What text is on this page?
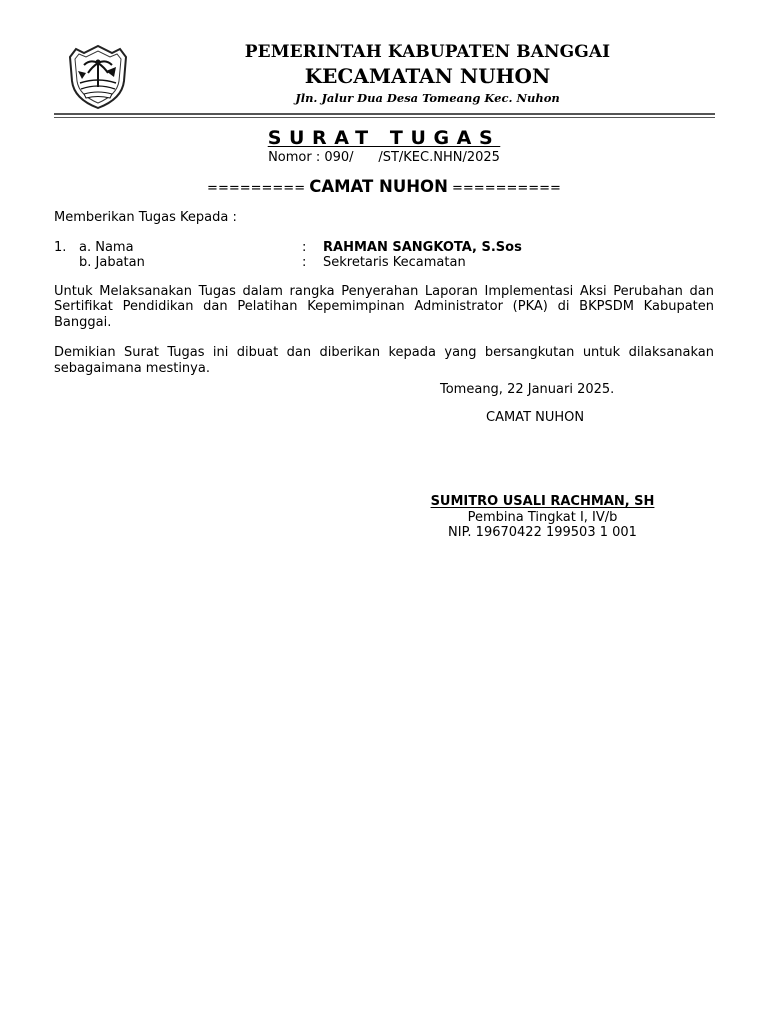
PEMERINTAH KABUPATEN BANGGAI
KECAMATAN NUHON
Jln. Jalur Dua Desa Tomeang Kec. Nuhon
SURAT TUGAS
Nomor : 090/      /ST/KEC.NHN/2025
========= CAMAT NUHON ==========

Memberikan Tugas Kepada :

1. a. Nama	:	RAHMAN SANGKOTA, S.Sos
b. Jabatan	:	Sekretaris Kecamatan

Untuk Melaksanakan Tugas dalam rangka Penyerahan Laporan Implementasi Aksi Perubahan dan Sertifikat Pendidikan dan Pelatihan Kepemimpinan Administrator (PKA) di BKPSDM Kabupaten Banggai.

Demikian Surat Tugas ini dibuat dan diberikan kepada yang bersangkutan untuk dilaksanakan sebagaimana mestinya.

Tomeang, 22 Januari 2025.
CAMAT NUHON
SUMITRO USALI RACHMAN, SH
Pembina Tingkat I, IV/b
NIP. 19670422 199503 1 001
